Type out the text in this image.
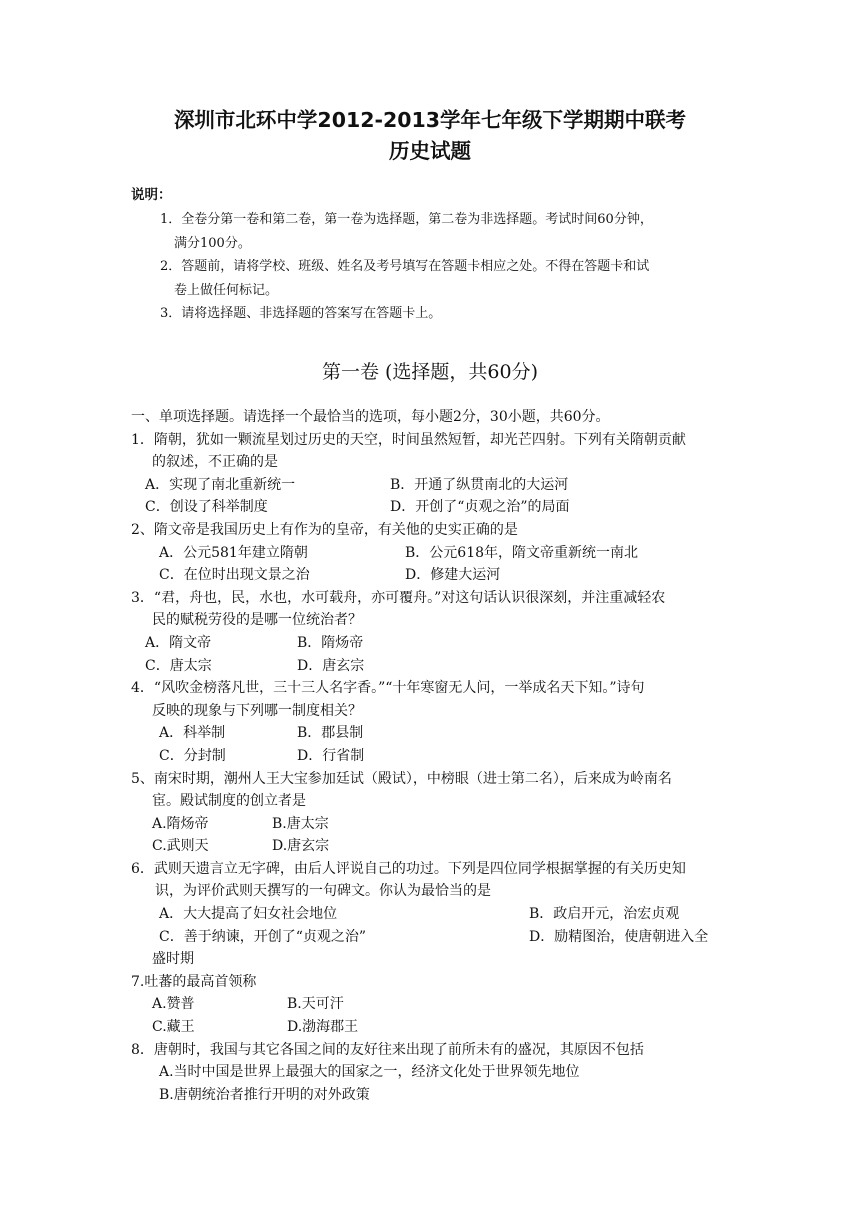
深圳市北环中学2012-2013学年七年级下学期期中联考
历史试题
说明：
1．全卷分第一卷和第二卷，第一卷为选择题，第二卷为非选择题。考试时间60分钟，
满分100分。
2．答题前，请将学校、班级、姓名及考号填写在答题卡相应之处。不得在答题卡和试
卷上做任何标记。
3．请将选择题、非选择题的答案写在答题卡上。
第一卷 (选择题，共60分)
一、单项选择题。请选择一个最恰当的选项，每小题2分，30小题，共60分。
1．隋朝，犹如一颗流星划过历史的天空，时间虽然短暂，却光芒四射。下列有关隋朝贡献
的叙述，不正确的是
A．实现了南北重新统一	B．开通了纵贯南北的大运河
C．创设了科举制度	D．开创了“贞观之治”的局面
2、隋文帝是我国历史上有作为的皇帝，有关他的史实正确的是
A．公元581年建立隋朝	B．公元618年，隋文帝重新统一南北
C．在位时出现文景之治	D．修建大运河
3．“君，舟也，民，水也，水可载舟，亦可覆舟。”对这句话认识很深刻，并注重减轻农
民的赋税劳役的是哪一位统治者？
A．隋文帝	B．隋炀帝
C．唐太宗	D．唐玄宗
4．“风吹金榜落凡世，三十三人名字香。”“十年寒窗无人问，一举成名天下知。”诗句
反映的现象与下列哪一制度相关？
A．科举制	B．郡县制
C．分封制	D．行省制
5、南宋时期，潮州人王大宝参加廷试（殿试），中榜眼（进士第二名），后来成为岭南名
宦。殿试制度的创立者是
A.隋炀帝	B.唐太宗
C.武则天	D.唐玄宗
6．武则天遗言立无字碑，由后人评说自己的功过。下列是四位同学根据掌握的有关历史知
识，为评价武则天撰写的一句碑文。你认为最恰当的是
A．大大提高了妇女社会地位	B．政启开元，治宏贞观
C．善于纳谏，开创了“贞观之治”	D．励精图治，使唐朝进入全
盛时期
7.吐蕃的最高首领称
A.赞普	B.天可汗
C.藏王	D.渤海郡王
8．唐朝时，我国与其它各国之间的友好往来出现了前所未有的盛况，其原因不包括
A.当时中国是世界上最强大的国家之一，经济文化处于世界领先地位
B.唐朝统治者推行开明的对外政策
